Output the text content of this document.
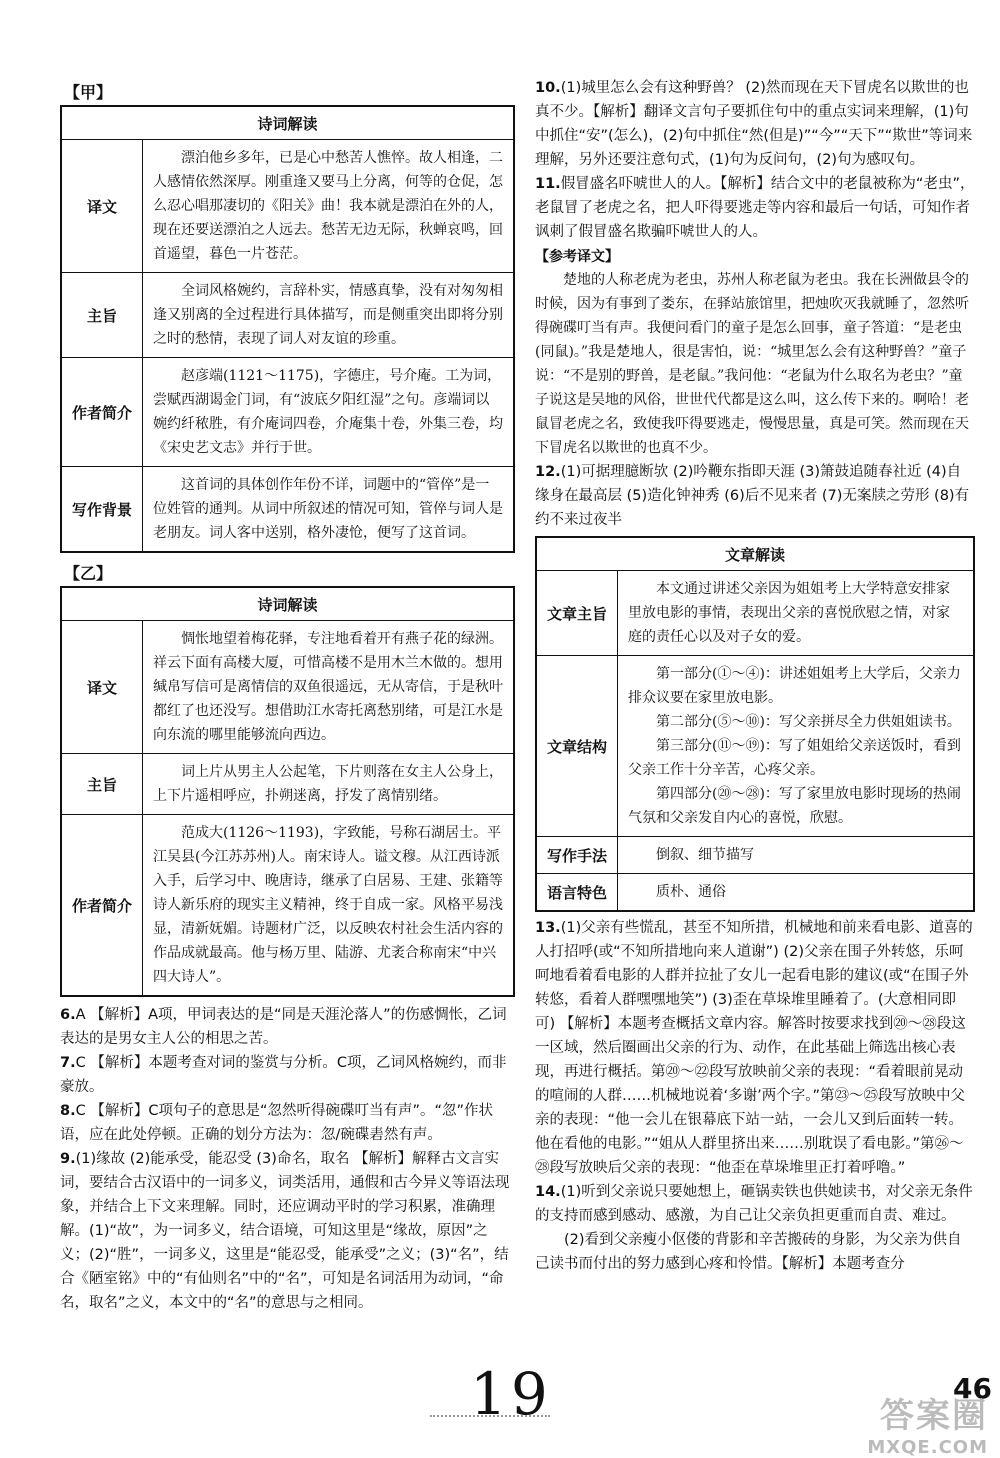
【甲】
诗词解读	
译文	漂泊他乡多年，已是心中愁苦人憔悴。故人相逢，二人感情依然深厚。刚重逢又要马上分离，何等的仓促，怎么忍心唱那凄切的《阳关》曲！我本就是漂泊在外的人，现在还要送漂泊之人远去。愁苦无边无际，秋蝉哀鸣，回首遥望，暮色一片苍茫。
主旨	全词风格婉约，言辞朴实，情感真挚，没有对匆匆相逢又别离的全过程进行具体描写，而是侧重突出即将分别之时的愁情，表现了词人对友谊的珍重。
作者简介	赵彦端(1121～1175)，字德庄，号介庵。工为词，尝赋西湖谒金门词，有“波底夕阳红湿”之句。彦端词以婉约纤秾胜，有介庵词四卷，介庵集十卷，外集三卷，均《宋史艺文志》并行于世。
写作背景	这首词的具体创作年份不详，词题中的“管倅”是一位姓管的通判。从词中所叙述的情况可知，管倅与词人是老朋友。词人客中送别，格外凄怆，便写了这首词。
【乙】
诗词解读	
译文	惆怅地望着梅花驿，专注地看着开有燕子花的绿洲。祥云下面有高楼大厦，可惜高楼不是用木兰木做的。想用缄帛写信可是离情信的双鱼很遥远，无从寄信，于是秋叶都红了也还没写。想借助江水寄托离愁别绪，可是江水是向东流的哪里能够流向西边。
主旨	词上片从男主人公起笔，下片则落在女主人公身上，上下片遥相呼应，扑朔迷离，抒发了离情别绪。
作者简介	范成大(1126～1193)，字致能，号称石湖居士。平江吴县(今江苏苏州)人。南宋诗人。谥文穆。从江西诗派入手，后学习中、晚唐诗，继承了白居易、王建、张籍等诗人新乐府的现实主义精神，终于自成一家。风格平易浅显，清新妩媚。诗题材广泛，以反映农村社会生活内容的作品成就最高。他与杨万里、陆游、尤袤合称南宋“中兴四大诗人”。

6.A 【解析】A项，甲词表达的是“同是天涯沦落人”的伤感惆怅，乙词表达的是男女主人公的相思之苦。

7.C 【解析】本题考查对词的鉴赏与分析。C项，乙词风格婉约，而非豪放。

8.C 【解析】C项句子的意思是“忽然听得碗碟叮当有声”。“忽”作状语，应在此处停顿。正确的划分方法为：忽/碗碟砉然有声。

9.(1)缘故 (2)能承受，能忍受 (3)命名，取名 【解析】解释古文言实词，要结合古汉语中的一词多义，词类活用，通假和古今异义等语法现象，并结合上下文来理解。同时，还应调动平时的学习积累，准确理解。(1)“故”，为一词多义，结合语境，可知这里是“缘故，原因”之义；(2)“胜”，一词多义，这里是“能忍受，能承受”之义；(3)“名”，结合《陋室铭》中的“有仙则名”中的“名”，可知是名词活用为动词，“命名，取名”之义，本文中的“名”的意思与之相同。

10.(1)城里怎么会有这种野兽？ (2)然而现在天下冒虎名以欺世的也真不少。【解析】翻译文言句子要抓住句中的重点实词来理解，(1)句中抓住“安”(怎么)，(2)句中抓住“然(但是)”“今”“天下”“欺世”等词来理解，另外还要注意句式，(1)句为反问句，(2)句为感叹句。

11.假冒盛名吓唬世人的人。【解析】结合文中的老鼠被称为“老虫”，老鼠冒了老虎之名，把人吓得要逃走等内容和最后一句话，可知作者讽刺了假冒盛名欺骗吓唬世人的人。

【参考译文】

楚地的人称老虎为老虫，苏州人称老鼠为老虫。我在长洲做县令的时候，因为有事到了娄东，在驿站旅馆里，把烛吹灭我就睡了，忽然听得碗碟叮当有声。我便问看门的童子是怎么回事，童子答道：“是老虫(同鼠)。”我是楚地人，很是害怕，说：“城里怎么会有这种野兽？”童子说：“不是别的野兽，是老鼠。”我问他：“老鼠为什么取名为老虫？”童子说这是吴地的风俗，世世代代都是这么叫，这么传下来的。啊哈！老鼠冒老虎之名，致使我吓得要逃走，慢慢思量，真是可笑。然而现在天下冒虎名以欺世的也真不少。

12.(1)可据理臆断欤 (2)吟鞭东指即天涯 (3)箫鼓追随春社近 (4)自缘身在最高层 (5)造化钟神秀 (6)后不见来者 (7)无案牍之劳形 (8)有约不来过夜半

文章解读	
文章主旨	本文通过讲述父亲因为姐姐考上大学特意安排家里放电影的事情，表现出父亲的喜悦欣慰之情，对家庭的责任心以及对子女的爱。

文章结构	第一部分(①～④)：讲述姐姐考上大学后，父亲力排众议要在家里放电影。

第二部分(⑤～⑩)：写父亲拼尽全力供姐姐读书。

第三部分(⑪～⑲)：写了姐姐给父亲送饭时，看到父亲工作十分辛苦，心疼父亲。

第四部分(⑳～㉘)：写了家里放电影时现场的热闹气氛和父亲发自内心的喜悦，欣慰。

写作手法	倒叙、细节描写

语言特色	质朴、通俗

13.(1)父亲有些慌乱，甚至不知所措，机械地和前来看电影、道喜的人打招呼(或“不知所措地向来人道谢”) (2)父亲在围子外转悠，乐呵呵地看着看电影的人群并拉扯了女儿一起看电影的建议(或“在围子外转悠，看着人群嘿嘿地笑”) (3)歪在草垛堆里睡着了。(大意相同即可) 【解析】本题考查概括文章内容。解答时按要求找到⑳～㉘段这一区域，然后圈画出父亲的行为、动作，在此基础上筛选出核心表现，再进行概括。第⑳～㉒段写放映前父亲的表现：“看着眼前晃动的喧闹的人群……机械地说着‘多谢’两个字。”第㉓～㉕段写放映中父亲的表现：“他一会儿在银幕底下站一站，一会儿又到后面转一转。他在看他的电影。”“姐从人群里挤出来……别耽误了看电影。”第㉖～㉘段写放映后父亲的表现：“他歪在草垛堆里正打着呼噜。”

14.(1)听到父亲说只要她想上，砸锅卖铁也供她读书，对父亲无条件的支持而感到感动、感激，为自己让父亲负担更重而自责、难过。

(2)看到父亲瘦小伛偻的背影和辛苦搬砖的身影，为父亲为供自己读书而付出的努力感到心疼和怜惜。【解析】本题考查分

19	46
答案圈
MXQE.COM
